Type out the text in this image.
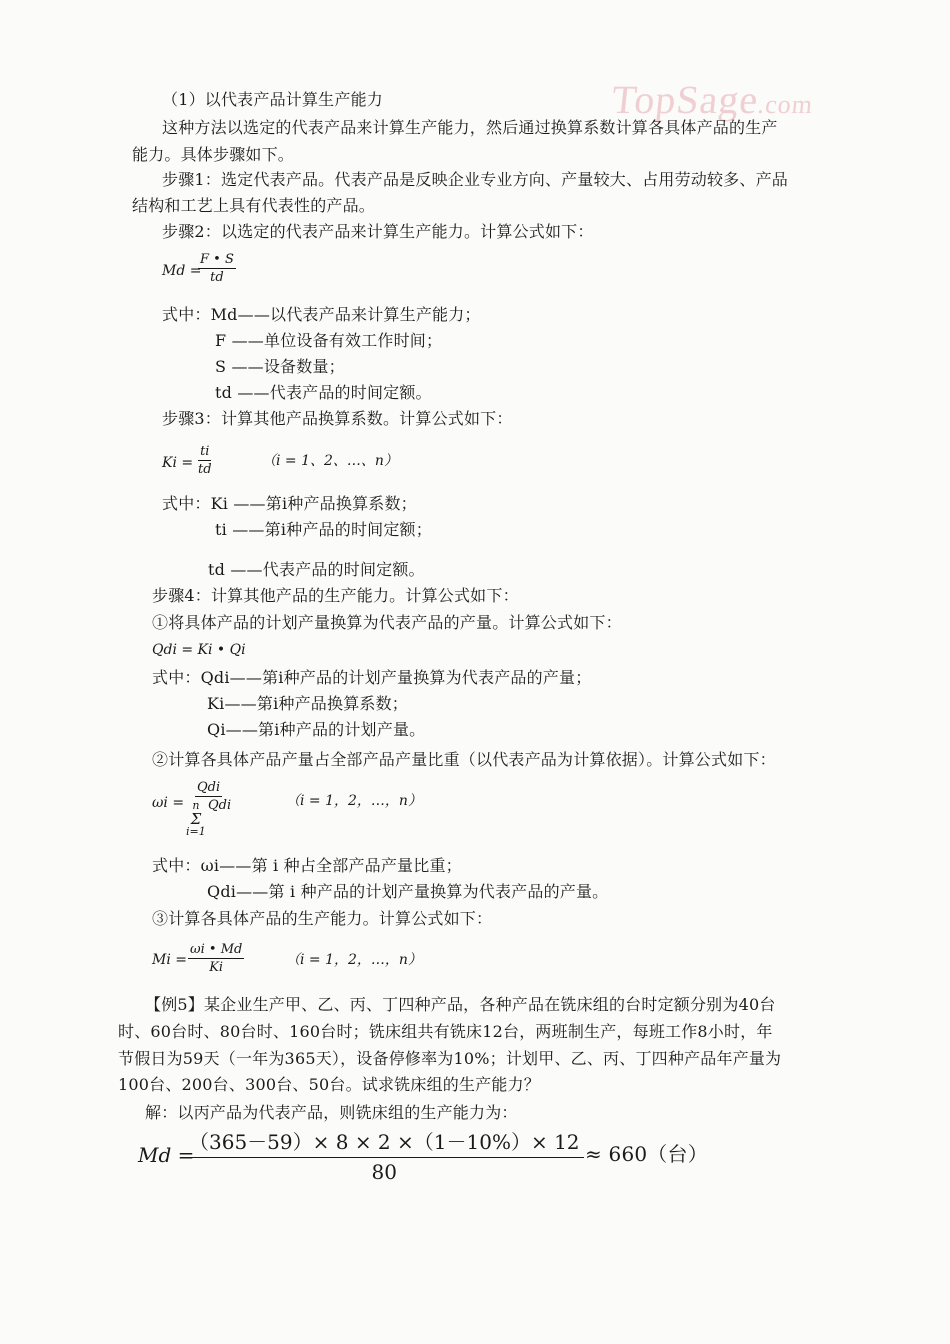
TopSage.com
（1）以代表产品计算生产能力
这种方法以选定的代表产品来计算生产能力，然后通过换算系数计算各具体产品的生产
能力。具体步骤如下。
步骤1：选定代表产品。代表产品是反映企业专业方向、产量较大、占用劳动较多、产品
结构和工艺上具有代表性的产品。
步骤2：以选定的代表产品来计算生产能力。计算公式如下：
Md =
$\frac{F • S}{td}$
式中：Md——以代表产品来计算生产能力；
F ——单位设备有效工作时间；
S ——设备数量；
td ——代表产品的时间定额。
步骤3：计算其他产品换算系数。计算公式如下：
$Ki = \frac{ti}{td}$	（i = 1、2、…、n）
式中：Ki ——第i种产品换算系数；
ti ——第i种产品的时间定额；
td ——代表产品的时间定额。
步骤4：计算其他产品的生产能力。计算公式如下：
①将具体产品的计划产量换算为代表产品的产量。计算公式如下：
Qdi = Ki • Qi
式中：Qdi——第i种产品的计划产量换算为代表产品的产量；
Ki——第i种产品换算系数；
Qi——第i种产品的计划产量。
②计算各具体产品产量占全部产品产量比重（以代表产品为计算依据）。计算公式如下：
ωi =
Qdi
Qdi
n
Σ
i=1
（i = 1，2，…，n）
式中：ωi——第 i 种占全部产品产量比重；
Qdi——第 i 种产品的计划产量换算为代表产品的产量。
③计算各具体产品的生产能力。计算公式如下：
$Mi = \frac{\omega i • Md}{Ki}$	（i = 1，2，…，n）
【例5】某企业生产甲、乙、丙、丁四种产品，各种产品在铣床组的台时定额分别为40台
时、60台时、80台时、160台时；铣床组共有铣床12台，两班制生产，每班工作8小时，年
节假日为59天（一年为365天），设备停修率为10%；计划甲、乙、丙、丁四种产品年产量为
100台、200台、300台、50台。试求铣床组的生产能力？
解：以丙产品为代表产品，则铣床组的生产能力为：
Md =
$\frac{(365-59)\times 8 \times 2 \times(1-10\%)\times 12}{80} \approx 660$（台）
